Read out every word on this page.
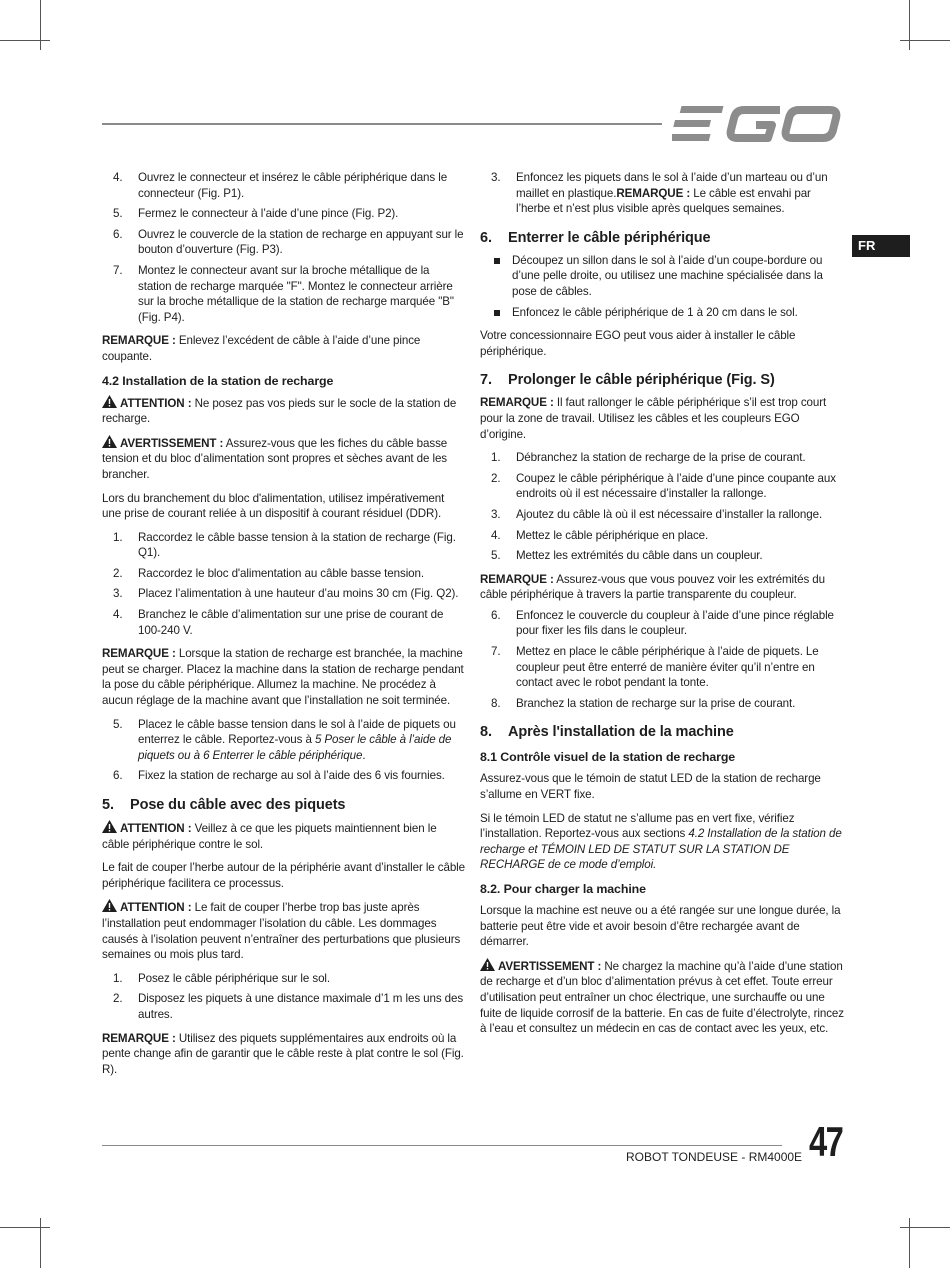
FR
4. Ouvrez le connecteur et insérez le câble périphérique dans le connecteur (Fig. P1).
5. Fermez le connecteur à l’aide d’une pince (Fig. P2).
6. Ouvrez le couvercle de la station de recharge en appuyant sur le bouton d’ouverture (Fig. P3).
7. Montez le connecteur avant sur la broche métallique de la station de recharge marquée "F". Montez le connecteur arrière sur la broche métallique de la station de recharge marquée "B" (Fig. P4).

REMARQUE : Enlevez l’excédent de câble à l’aide d’une pince coupante.

4.2 Installation de la station de recharge

ATTENTION : Ne posez pas vos pieds sur le socle de la station de recharge.

AVERTISSEMENT : Assurez-vous que les fiches du câble basse tension et du bloc d’alimentation sont propres et sèches avant de les brancher.

Lors du branchement du bloc d'alimentation, utilisez impérativement une prise de courant reliée à un dispositif à courant résiduel (DDR).

1. Raccordez le câble basse tension à la station de recharge (Fig. Q1).
2. Raccordez le bloc d'alimentation au câble basse tension.
3. Placez l’alimentation à une hauteur d’au moins 30 cm (Fig. Q2).
4. Branchez le câble d’alimentation sur une prise de courant de 100-240 V.

REMARQUE : Lorsque la station de recharge est branchée, la machine peut se charger. Placez la machine dans la station de recharge pendant la pose du câble périphérique. Allumez la machine. Ne procédez à aucun réglage de la machine avant que l’installation ne soit terminée.

5. Placez le câble basse tension dans le sol à l’aide de piquets ou enterrez le câble. Reportez-vous à 5 Poser le câble à l’aide de piquets ou à 6 Enterrer le câble périphérique.
6. Fixez la station de recharge au sol à l’aide des 6 vis fournies.
5. Pose du câble avec des piquets

ATTENTION : Veillez à ce que les piquets maintiennent bien le câble périphérique contre le sol.

Le fait de couper l’herbe autour de la périphérie avant d’installer le câble périphérique facilitera ce processus.

ATTENTION : Le fait de couper l’herbe trop bas juste après l’installation peut endommager l’isolation du câble. Les dommages causés à l’isolation peuvent n’entraîner des perturbations que plusieurs semaines ou mois plus tard.

1. Posez le câble périphérique sur le sol.
2. Disposez les piquets à une distance maximale d’1 m les uns des autres.

REMARQUE : Utilisez des piquets supplémentaires aux endroits où la pente change afin de garantir que le câble reste à plat contre le sol (Fig. R).

3. Enfoncez les piquets dans le sol à l’aide d’un marteau ou d’un maillet en plastique.REMARQUE : Le câble est envahi par l’herbe et n’est plus visible après quelques semaines.
6. Enterrer le câble périphérique
Découpez un sillon dans le sol à l’aide d’un coupe-bordure ou d’une pelle droite, ou utilisez une machine spécialisée dans la pose de câbles.
Enfoncez le câble périphérique de 1 à 20 cm dans le sol.

Votre concessionnaire EGO peut vous aider à installer le câble périphérique.

7. Prolonger le câble périphérique (Fig. S)

REMARQUE : Il faut rallonger le câble périphérique s’il est trop court pour la zone de travail. Utilisez les câbles et les coupleurs EGO d’origine.

1. Débranchez la station de recharge de la prise de courant.
2. Coupez le câble périphérique à l’aide d’une pince coupante aux endroits où il est nécessaire d’installer la rallonge.
3. Ajoutez du câble là où il est nécessaire d’installer la rallonge.
4. Mettez le câble périphérique en place.
5. Mettez les extrémités du câble dans un coupleur.

REMARQUE : Assurez-vous que vous pouvez voir les extrémités du câble périphérique à travers la partie transparente du coupleur.

6. Enfoncez le couvercle du coupleur à l’aide d’une pince réglable pour fixer les fils dans le coupleur.
7. Mettez en place le câble périphérique à l’aide de piquets. Le coupleur peut être enterré de manière éviter qu’il n’entre en contact avec le robot pendant la tonte.
8. Branchez la station de recharge sur la prise de courant.
8. Après l'installation de la machine
8.1 Contrôle visuel de la station de recharge

Assurez-vous que le témoin de statut LED de la station de recharge s’allume en VERT fixe.

Si le témoin LED de statut ne s’allume pas en vert fixe, vérifiez l’installation. Reportez-vous aux sections 4.2 Installation de la station de recharge et TÉMOIN LED DE STATUT SUR LA STATION DE RECHARGE de ce mode d’emploi.

8.2. Pour charger la machine

Lorsque la machine est neuve ou a été rangée sur une longue durée, la batterie peut être vide et avoir besoin d’être rechargée avant de démarrer.

AVERTISSEMENT : Ne chargez la machine qu’à l’aide d’une station de recharge et d’un bloc d’alimentation prévus à cet effet. Toute erreur d’utilisation peut entraîner un choc électrique, une surchauffe ou une fuite de liquide corrosif de la batterie. En cas de fuite d’électrolyte, rincez à l’eau et consultez un médecin en cas de contact avec les yeux, etc.

ROBOT TONDEUSE - RM4000E 47
